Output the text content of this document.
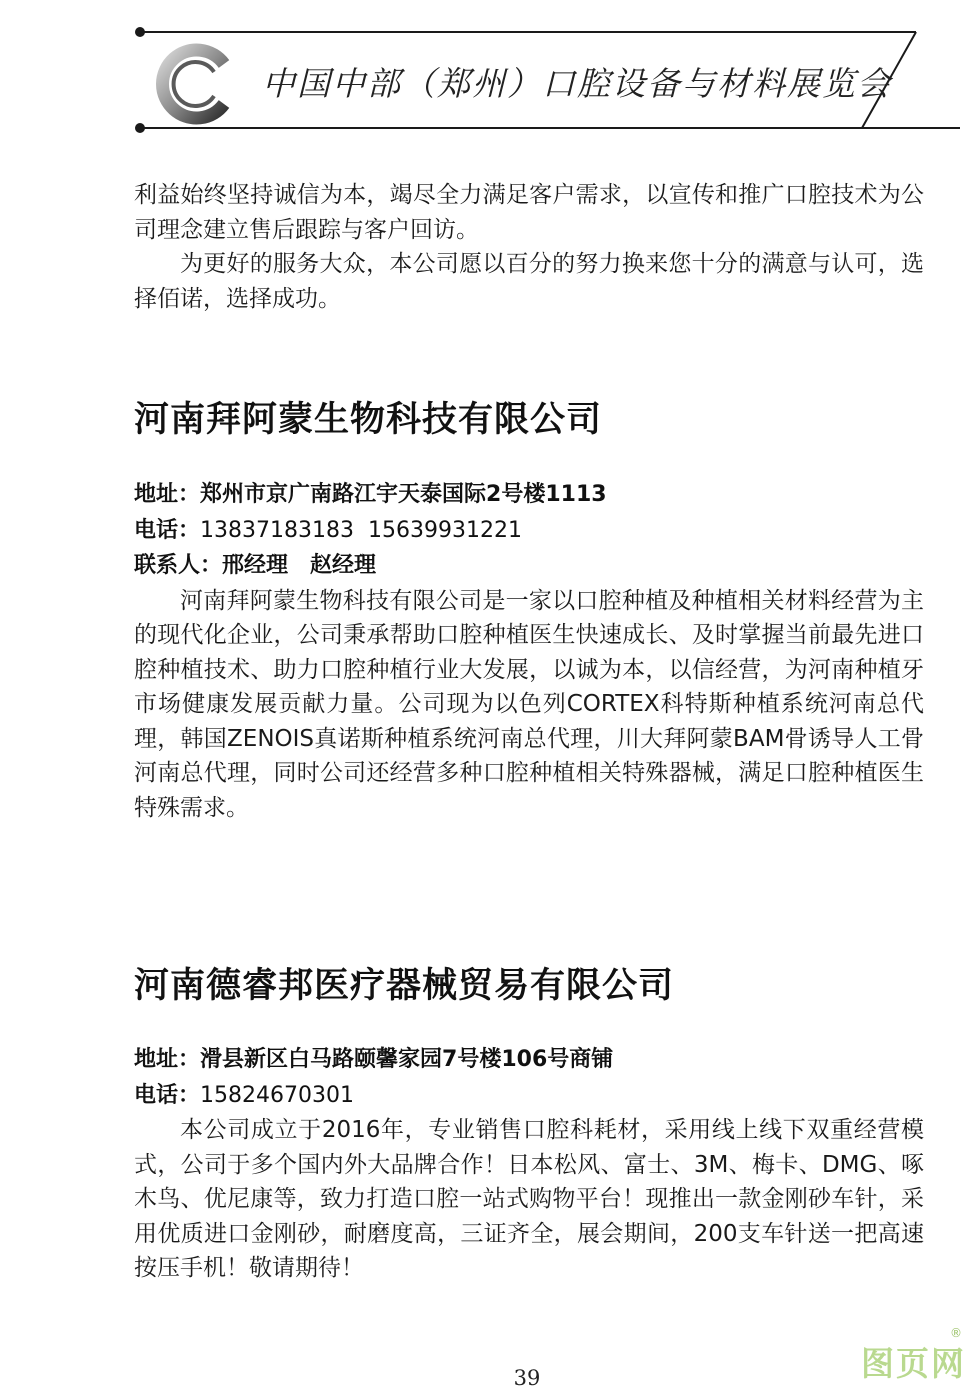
中国中部（郑州）口腔设备与材料展览会

利益始终坚持诚信为本，竭尽全力满足客户需求，以宣传和推广口腔技术为公司理念建立售后跟踪与客户回访。

为更好的服务大众，本公司愿以百分的努力换来您十分的满意与认可，选择佰诺，选择成功。

河南拜阿蒙生物科技有限公司
地址：郑州市京广南路江宇天泰国际2号楼1113
电话：13837183183  15639931221
联系人：邢经理　赵经理

河南拜阿蒙生物科技有限公司是一家以口腔种植及种植相关材料经营为主的现代化企业，公司秉承帮助口腔种植医生快速成长、及时掌握当前最先进口腔种植技术、助力口腔种植行业大发展，以诚为本，以信经营，为河南种植牙市场健康发展贡献力量。公司现为以色列CORTEX科特斯种植系统河南总代理，韩国ZENOIS真诺斯种植系统河南总代理，川大拜阿蒙BAM骨诱导人工骨河南总代理，同时公司还经营多种口腔种植相关特殊器械，满足口腔种植医生特殊需求。

河南德睿邦医疗器械贸易有限公司
地址：滑县新区白马路颐馨家园7号楼106号商铺
电话：15824670301

本公司成立于2016年，专业销售口腔科耗材，采用线上线下双重经营模式，公司于多个国内外大品牌合作！日本松风、富士、3M、梅卡、DMG、啄木鸟、优尼康等，致力打造口腔一站式购物平台！现推出一款金刚砂车针，采用优质进口金刚砂，耐磨度高，三证齐全，展会期间，200支车针送一把高速按压手机！敬请期待！

39	图页网
®
